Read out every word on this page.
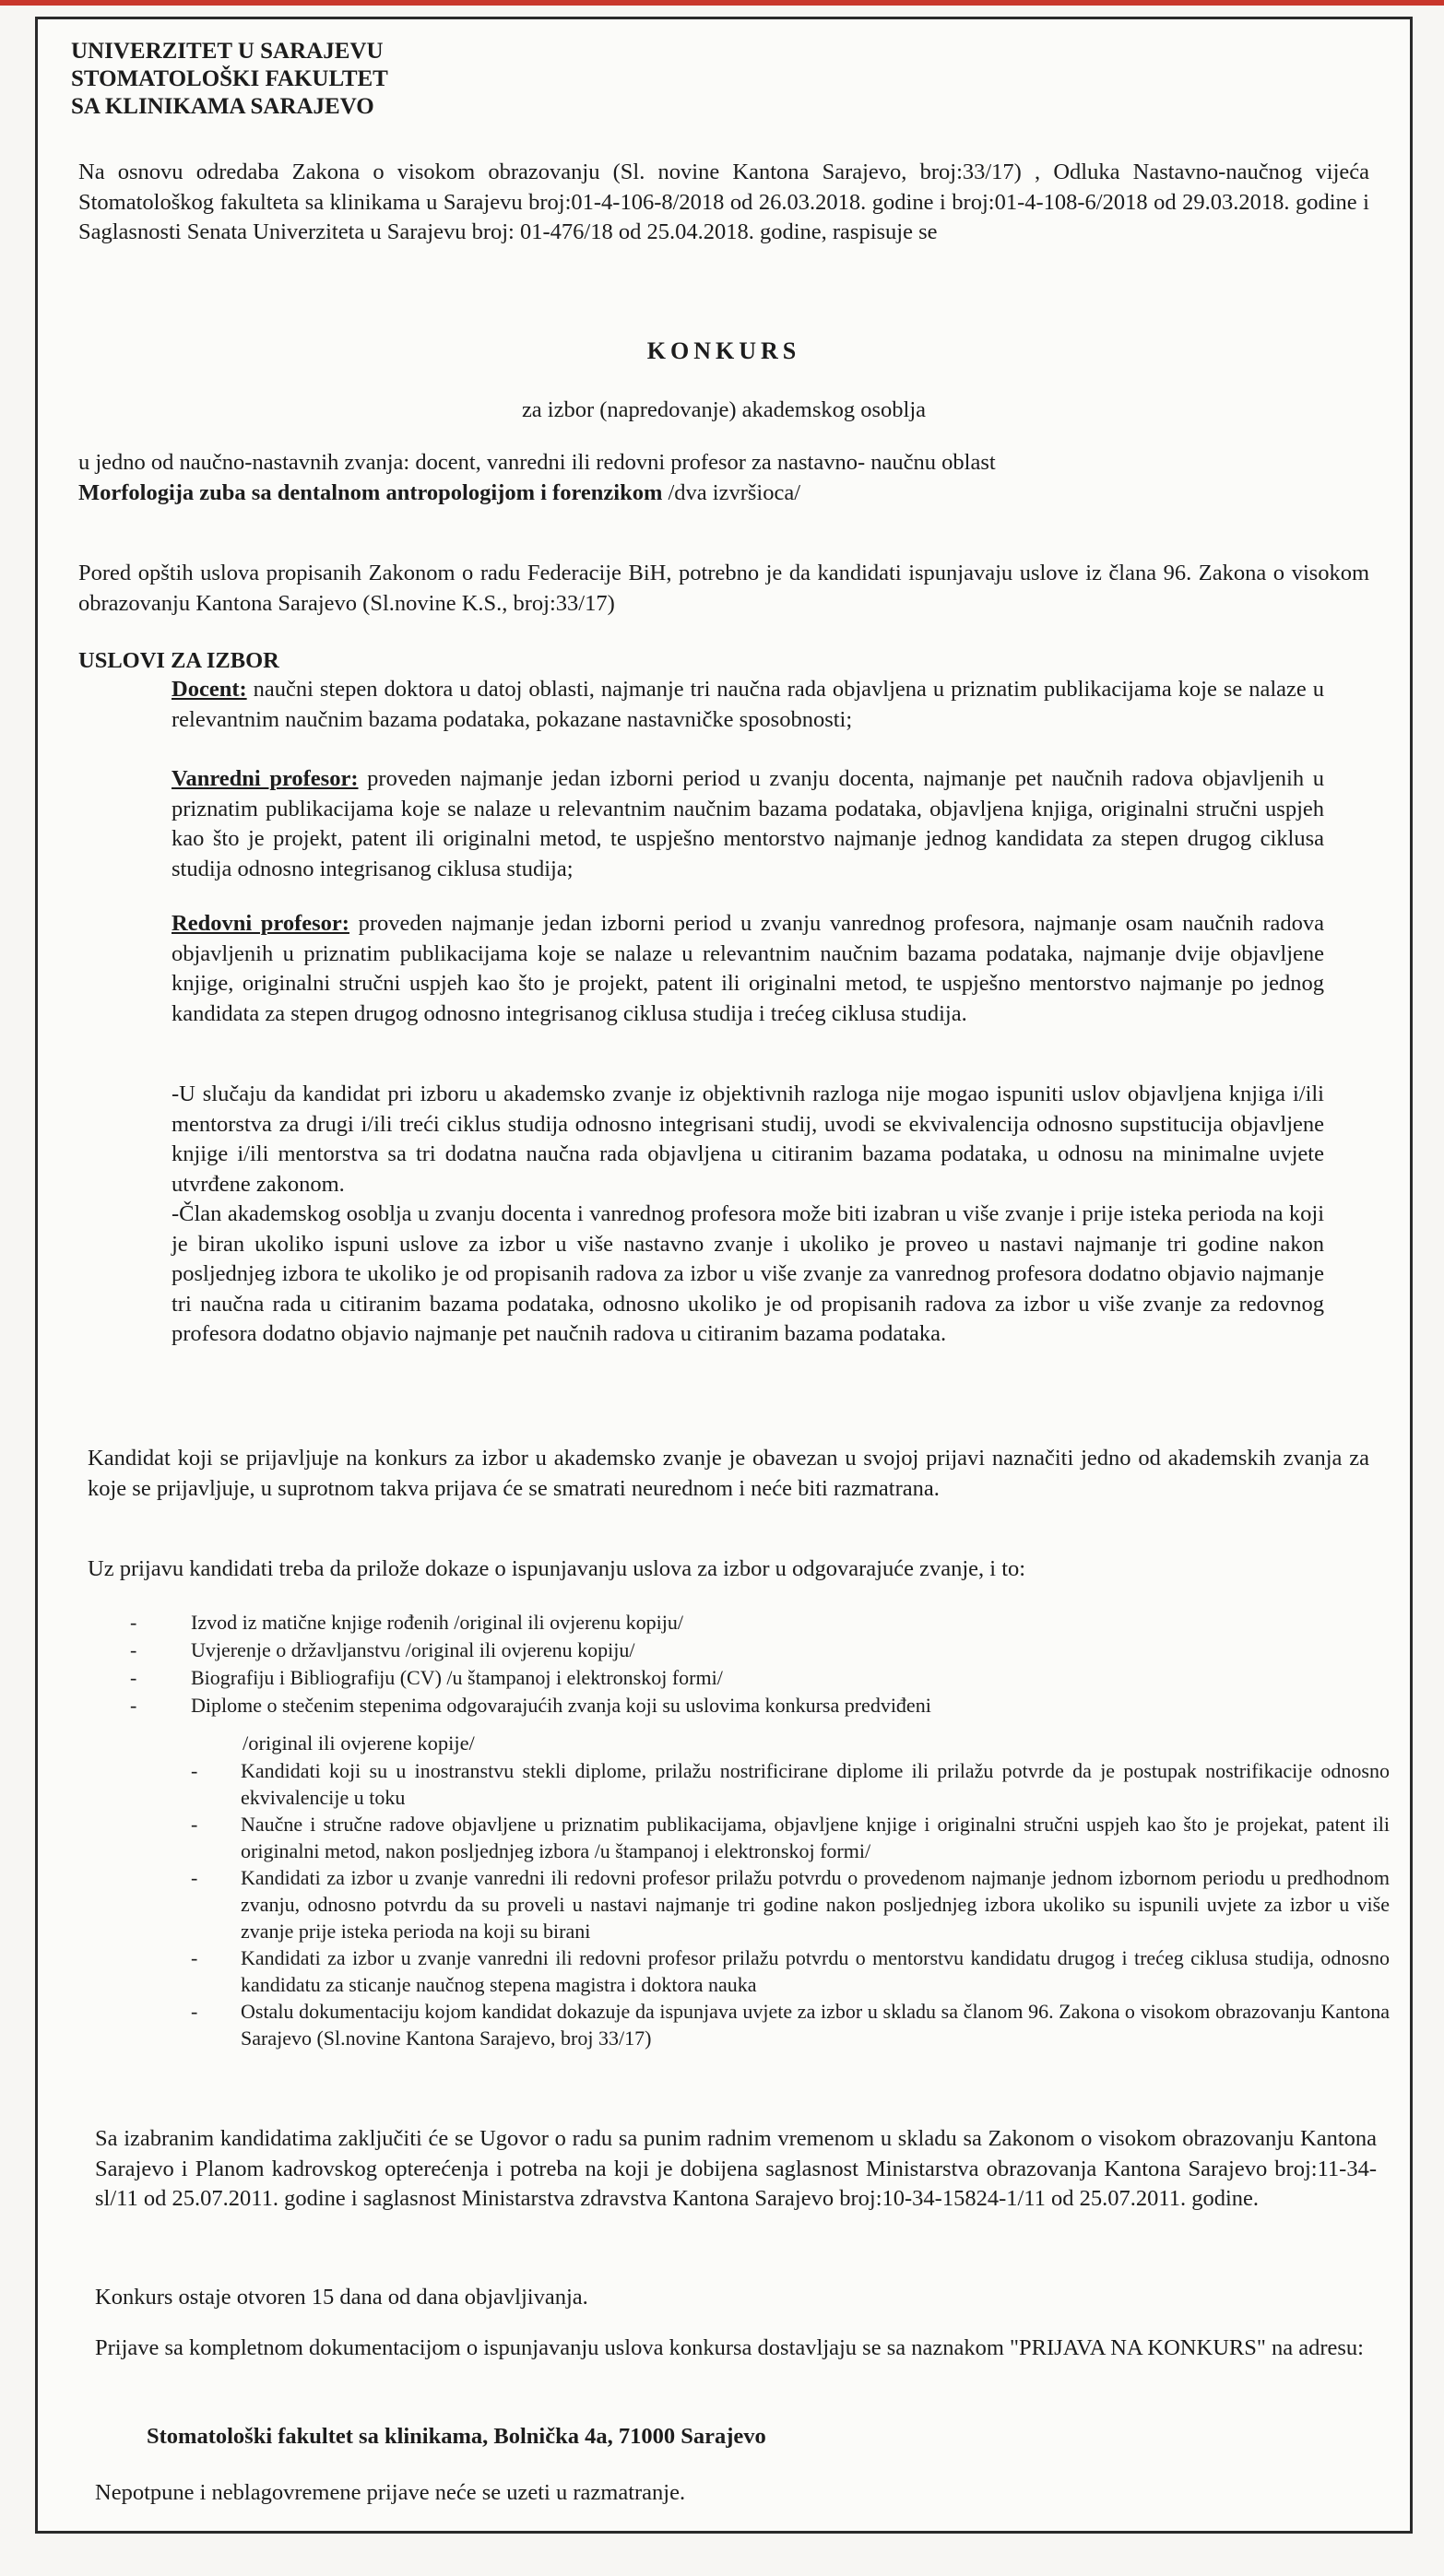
UNIVERZITET U SARAJEVU
STOMATOLOŠKI FAKULTET
SA KLINIKAMA SARAJEVO

Na osnovu odredaba Zakona o visokom obrazovanju (Sl. novine Kantona Sarajevo, broj:33/17) , Odluka Nastavno-naučnog vijeća Stomatološkog fakulteta sa klinikama u Sarajevu broj:01-4-106-8/2018 od 26.03.2018. godine i broj:01-4-108-6/2018 od 29.03.2018. godine i Saglasnosti Senata Univerziteta u Sarajevu broj: 01-476/18 od 25.04.2018. godine, raspisuje se

KONKURS
za izbor (napredovanje) akademskog osoblja

u jedno od naučno-nastavnih zvanja: docent, vanredni ili redovni profesor za nastavno- naučnu oblast
Morfologija zuba sa dentalnom antropologijom i forenzikom /dva izvršioca/

Pored opštih uslova propisanih Zakonom o radu Federacije BiH, potrebno je da kandidati ispunjavaju uslove iz člana 96. Zakona o visokom obrazovanju Kantona Sarajevo (Sl.novine K.S., broj:33/17)

USLOVI ZA IZBOR

Docent: naučni stepen doktora u datoj oblasti, najmanje tri naučna rada objavljena u priznatim publikacijama koje se nalaze u relevantnim naučnim bazama podataka, pokazane nastavničke sposobnosti;

Vanredni profesor: proveden najmanje jedan izborni period u zvanju docenta, najmanje pet naučnih radova objavljenih u priznatim publikacijama koje se nalaze u relevantnim naučnim bazama podataka, objavljena knjiga, originalni stručni uspjeh kao što je projekt, patent ili originalni metod, te uspješno mentorstvo najmanje jednog kandidata za stepen drugog ciklusa studija odnosno integrisanog ciklusa studija;

Redovni profesor: proveden najmanje jedan izborni period u zvanju vanrednog profesora, najmanje osam naučnih radova objavljenih u priznatim publikacijama koje se nalaze u relevantnim naučnim bazama podataka, najmanje dvije objavljene knjige, originalni stručni uspjeh kao što je projekt, patent ili originalni metod, te uspješno mentorstvo najmanje po jednog kandidata za stepen drugog odnosno integrisanog ciklusa studija i trećeg ciklusa studija.

-U slučaju da kandidat pri izboru u akademsko zvanje iz objektivnih razloga nije mogao ispuniti uslov objavljena knjiga i/ili mentorstva za drugi i/ili treći ciklus studija odnosno integrisani studij, uvodi se ekvivalencija odnosno supstitucija objavljene knjige i/ili mentorstva sa tri dodatna naučna rada objavljena u citiranim bazama podataka, u odnosu na minimalne uvjete utvrđene zakonom.

-Član akademskog osoblja u zvanju docenta i vanrednog profesora može biti izabran u više zvanje i prije isteka perioda na koji je biran ukoliko ispuni uslove za izbor u više nastavno zvanje i ukoliko je proveo u nastavi najmanje tri godine nakon posljednjeg izbora te ukoliko je od propisanih radova za izbor u više zvanje za vanrednog profesora dodatno objavio najmanje tri naučna rada u citiranim bazama podataka, odnosno ukoliko je od propisanih radova za izbor u više zvanje za redovnog profesora dodatno objavio najmanje pet naučnih radova u citiranim bazama podataka.

Kandidat koji se prijavljuje na konkurs za izbor u akademsko zvanje je obavezan u svojoj prijavi naznačiti jedno od akademskih zvanja za koje se prijavljuje, u suprotnom takva prijava će se smatrati neurednom i neće biti razmatrana.

Uz prijavu kandidati treba da prilože dokaze o ispunjavanju uslova za izbor u odgovarajuće zvanje, i to:

-	Izvod iz matične knjige rođenih /original ili ovjerenu kopiju/
-	Uvjerenje o državljanstvu /original ili ovjerenu kopiju/
-	Biografiju i Bibliografiju (CV) /u štampanoj i elektronskoj formi/
-	Diplome o stečenim stepenima odgovarajućih zvanja koji su uslovima konkursa predviđeni
/original ili ovjerene kopije/
- Kandidati koji su u inostranstvu stekli diplome, prilažu nostrificirane diplome ili prilažu potvrde da je postupak nostrifikacije odnosno ekvivalencije u toku
- Naučne i stručne radove objavljene u priznatim publikacijama, objavljene knjige i originalni stručni uspjeh kao što je projekat, patent ili originalni metod, nakon posljednjeg izbora /u štampanoj i elektronskoj formi/
- Kandidati za izbor u zvanje vanredni ili redovni profesor prilažu potvrdu o provedenom najmanje jednom izbornom periodu u predhodnom zvanju, odnosno potvrdu da su proveli u nastavi najmanje tri godine nakon posljednjeg izbora ukoliko su ispunili uvjete za izbor u više zvanje prije isteka perioda na koji su birani
- Kandidati za izbor u zvanje vanredni ili redovni profesor prilažu potvrdu o mentorstvu kandidatu drugog i trećeg ciklusa studija, odnosno kandidatu za sticanje naučnog stepena magistra i doktora nauka
- Ostalu dokumentaciju kojom kandidat dokazuje da ispunjava uvjete za izbor u skladu sa članom 96. Zakona o visokom obrazovanju Kantona Sarajevo (Sl.novine Kantona Sarajevo, broj 33/17)

Sa izabranim kandidatima zaključiti će se Ugovor o radu sa punim radnim vremenom u skladu sa Zakonom o visokom obrazovanju Kantona Sarajevo i Planom kadrovskog opterećenja i potreba na koji je dobijena saglasnost Ministarstva obrazovanja Kantona Sarajevo broj:11-34-sl/11 od 25.07.2011. godine i saglasnost Ministarstva zdravstva Kantona Sarajevo broj:10-34-15824-1/11 od 25.07.2011. godine.

Konkurs ostaje otvoren 15 dana od dana objavljivanja.

Prijave sa kompletnom dokumentacijom o ispunjavanju uslova konkursa dostavljaju se sa naznakom "PRIJAVA NA KONKURS" na adresu:

Stomatološki fakultet sa klinikama, Bolnička 4a, 71000 Sarajevo

Nepotpune i neblagovremene prijave neće se uzeti u razmatranje.
